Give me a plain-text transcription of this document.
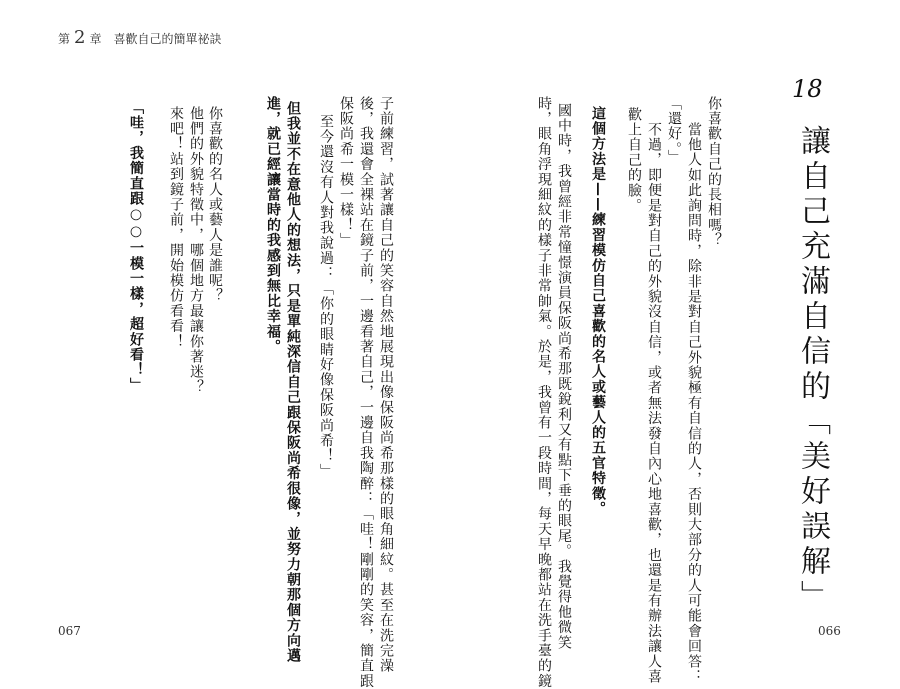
第 2 章 喜歡自己的簡單祕訣
18
讓自己充滿自信的「美好誤解」
你喜歡自己的長相嗎？
當他人如此詢問時，除非是對自己外貌極有自信的人，否則大部分的人可能會回答：
「還好。」
不過，即便是對自己的外貌沒自信，或者無法發自內心地喜歡，也還是有辦法讓人喜
歡上自己的臉。
這個方法是——練習模仿自己喜歡的名人或藝人的五官特徵。
國中時，我曾經非常憧憬演員保阪尚希那既銳利又有點下垂的眼尾。我覺得他微笑
時，眼角浮現細紋的樣子非常帥氣。於是，我曾有一段時間，每天早晚都站在洗手臺的鏡
子前練習，試著讓自己的笑容自然地展現出像保阪尚希那樣的眼角細紋。甚至在洗完澡
後，我還會全裸站在鏡子前，一邊看著自己，一邊自我陶醉：「哇！剛剛的笑容，簡直跟
保阪尚希一模一樣！」
至今還沒有人對我說過：「你的眼睛好像保阪尚希！」
但我並不在意他人的想法，只是單純深信自己跟保阪尚希很像，並努力朝那個方向邁
進，就已經讓當時的我感到無比幸福。
你喜歡的名人或藝人是誰呢？
他們的外貌特徵中，哪個地方最讓你著迷？
來吧！站到鏡子前，開始模仿看看！
「哇，我簡直跟○○一模一樣，超好看！」
067	066
